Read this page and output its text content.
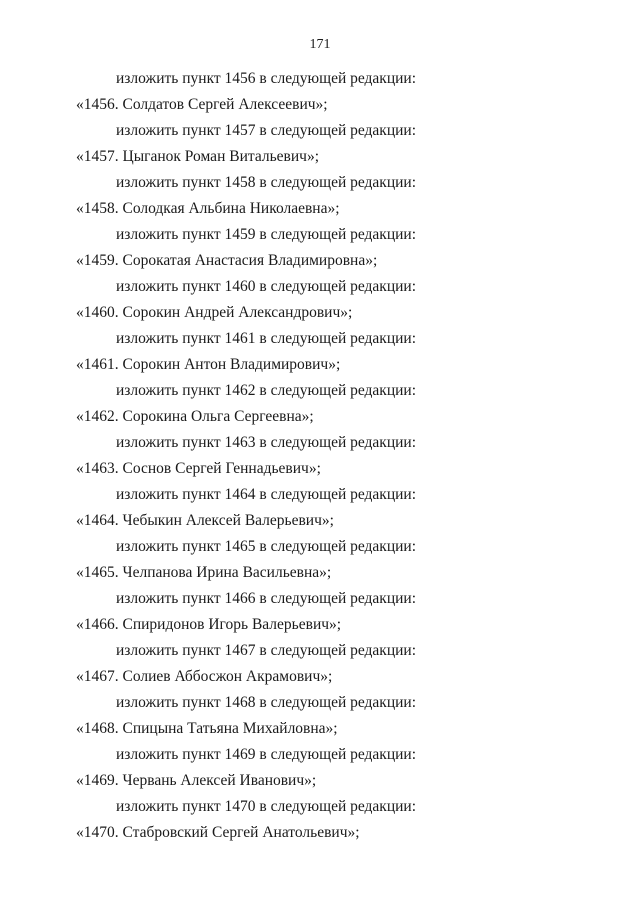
171
изложить пункт 1456 в следующей редакции:
«1456. Солдатов Сергей Алексеевич»;
изложить пункт 1457 в следующей редакции:
«1457. Цыганок Роман Витальевич»;
изложить пункт 1458 в следующей редакции:
«1458. Солодкая Альбина Николаевна»;
изложить пункт 1459 в следующей редакции:
«1459. Сорокатая Анастасия Владимировна»;
изложить пункт 1460 в следующей редакции:
«1460. Сорокин Андрей Александрович»;
изложить пункт 1461 в следующей редакции:
«1461. Сорокин Антон Владимирович»;
изложить пункт 1462 в следующей редакции:
«1462. Сорокина Ольга Сергеевна»;
изложить пункт 1463 в следующей редакции:
«1463. Соснов Сергей Геннадьевич»;
изложить пункт 1464 в следующей редакции:
«1464. Чебыкин Алексей Валерьевич»;
изложить пункт 1465 в следующей редакции:
«1465. Челпанова Ирина Васильевна»;
изложить пункт 1466 в следующей редакции:
«1466. Спиридонов Игорь Валерьевич»;
изложить пункт 1467 в следующей редакции:
«1467. Солиев Аббосжон Акрамович»;
изложить пункт 1468 в следующей редакции:
«1468. Спицына Татьяна Михайловна»;
изложить пункт 1469 в следующей редакции:
«1469. Червань Алексей Иванович»;
изложить пункт 1470 в следующей редакции:
«1470. Стабровский Сергей Анатольевич»;
